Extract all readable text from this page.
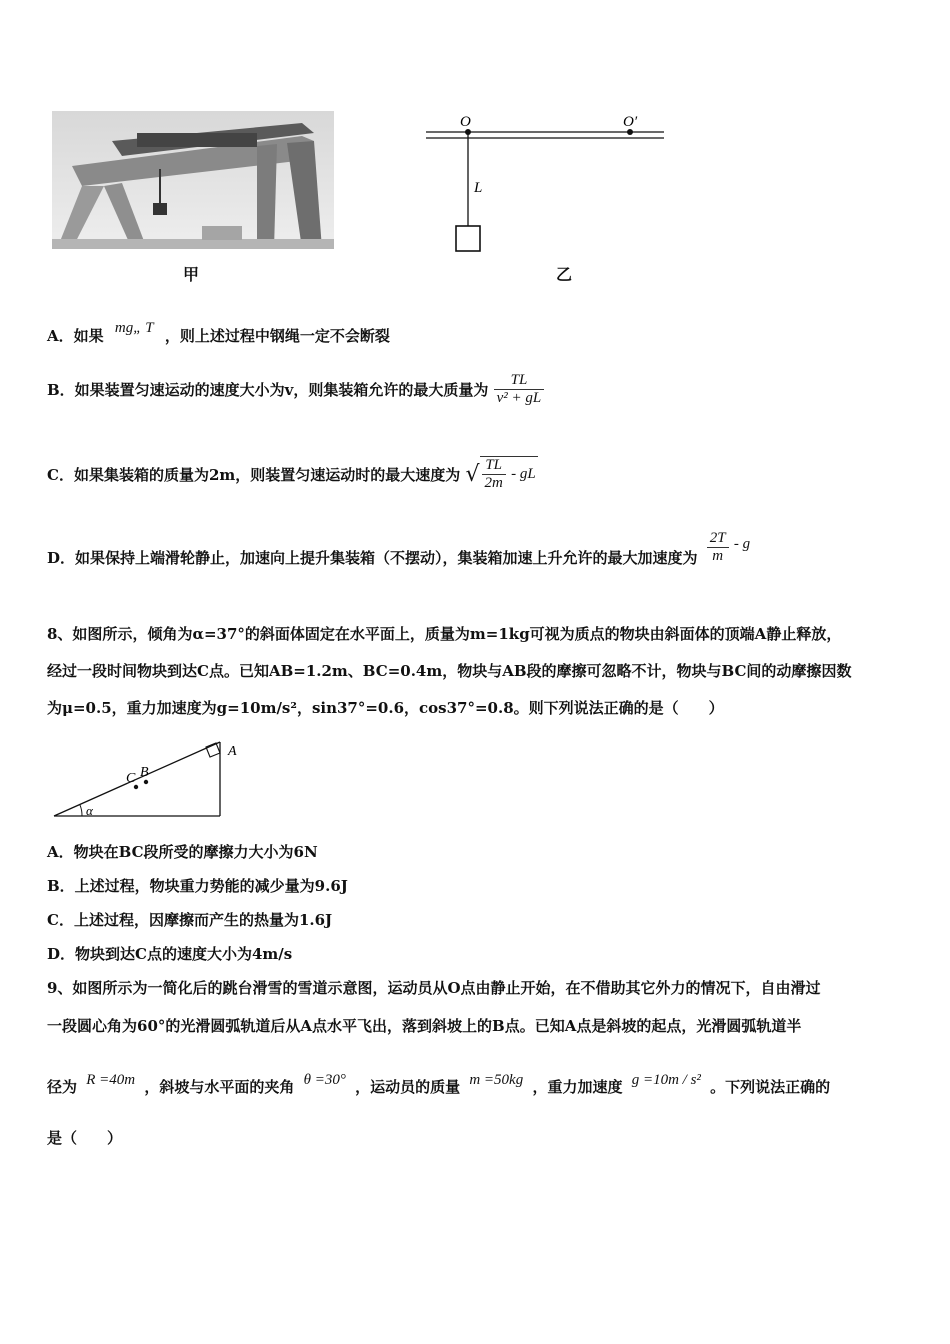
甲
O	O′
L
乙
A．如果 mg„ T ，则上述过程中钢绳一定不会断裂
B．如果装置匀速运动的速度大小为v，则集装箱允许的最大质量为 $\frac{TL}{\text{v² + gL}}$
C．如果集装箱的质量为2m，则装置匀速运动时的最大速度为 √ $\frac{TL}{2m}$ - gL
D．如果保持上端滑轮静止，加速向上提升集装箱（不摆动），集装箱加速上升允许的最大加速度为 $\frac{2T}{m}$ - g
8、如图所示，倾角为α=37°的斜面体固定在水平面上，质量为m=1kg可视为质点的物块由斜面体的顶端A静止释放，
经过一段时间物块到达C点。已知AB=1.2m、BC=0.4m，物块与AB段的摩擦可忽略不计，物块与BC间的动摩擦因数
为μ=0.5，重力加速度为g=10m/s²，sin37°=0.6，cos37°=0.8。则下列说法正确的是（　　）
A
B
C
α
A．物块在BC段所受的摩擦力大小为6N
B．上述过程，物块重力势能的减少量为9.6J
C．上述过程，因摩擦而产生的热量为1.6J
D．物块到达C点的速度大小为4m/s
9、如图所示为一简化后的跳台滑雪的雪道示意图，运动员从O点由静止开始，在不借助其它外力的情况下，自由滑过
一段圆心角为60°的光滑圆弧轨道后从A点水平飞出，落到斜坡上的B点。已知A点是斜坡的起点，光滑圆弧轨道半
径为 R =40m ，斜坡与水平面的夹角 θ =30° ，运动员的质量 m =50kg ，重力加速度 g =10m / s² 。下列说法正确的
是（　　）
